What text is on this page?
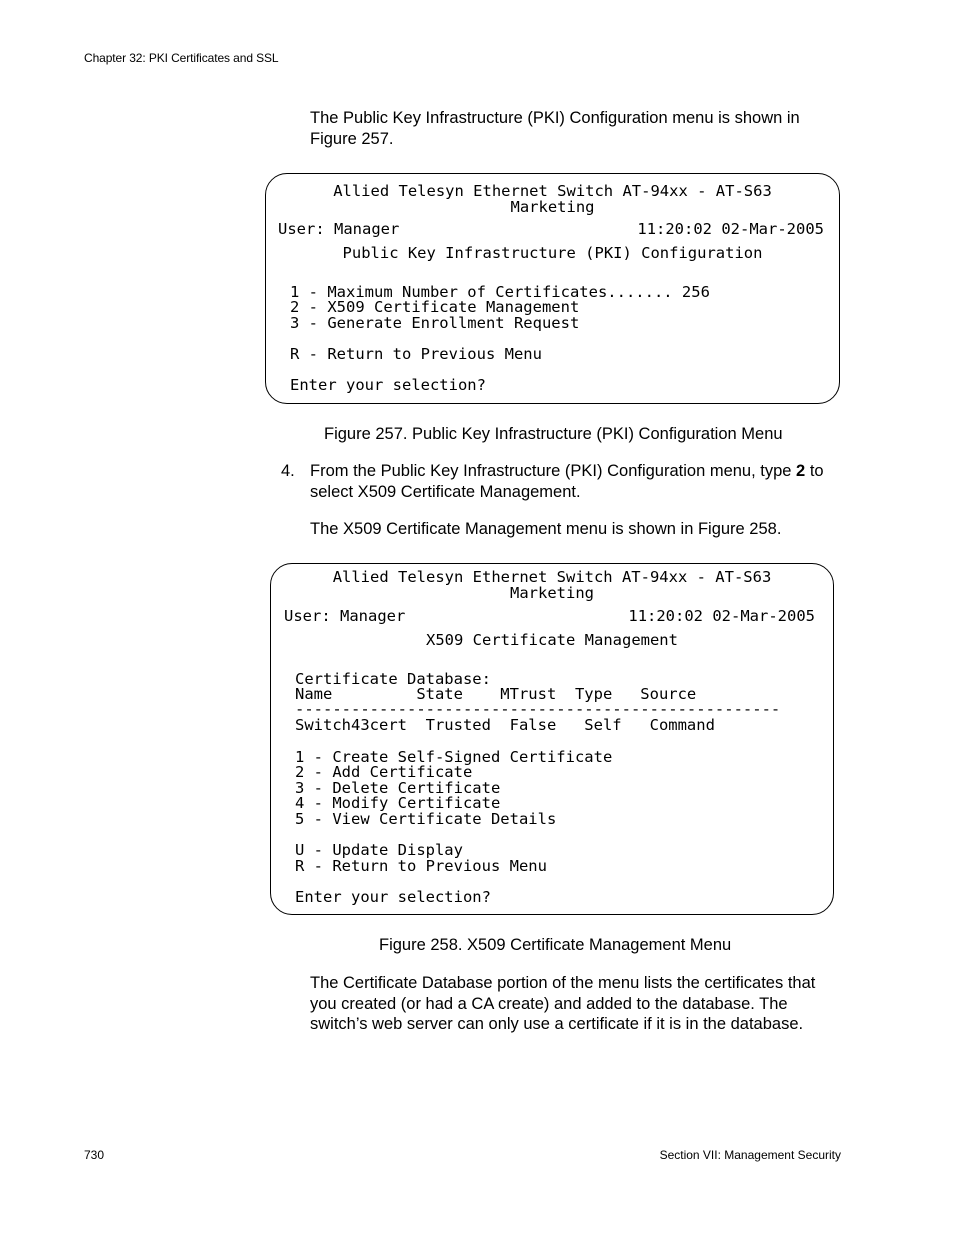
Chapter 32: PKI Certificates and SSL
The Public Key Infrastructure (PKI) Configuration menu is shown in Figure 257.
Allied Telesyn Ethernet Switch AT-94xx - AT-S63
Marketing
User: Manager	11:20:02 02-Mar-2005
Public Key Infrastructure (PKI) Configuration
1 - Maximum Number of Certificates....... 256
2 - X509 Certificate Management
3 - Generate Enrollment Request
R - Return to Previous Menu
Enter your selection?
Figure 257. Public Key Infrastructure (PKI) Configuration Menu
4. From the Public Key Infrastructure (PKI) Configuration menu, type 2 to select X509 Certificate Management.
The X509 Certificate Management menu is shown in Figure 258.
Allied Telesyn Ethernet Switch AT-94xx - AT-S63
Marketing
User: Manager	11:20:02 02-Mar-2005
X509 Certificate Management
Certificate Database:
Name         State    MTrust  Type   Source
----------------------------------------------------
Switch43cert  Trusted  False   Self   Command
1 - Create Self-Signed Certificate
2 - Add Certificate
3 - Delete Certificate
4 - Modify Certificate
5 - View Certificate Details
U - Update Display
R - Return to Previous Menu
Enter your selection?
Figure 258. X509 Certificate Management Menu
The Certificate Database portion of the menu lists the certificates that you created (or had a CA create) and added to the database. The switch’s web server can only use a certificate if it is in the database.
730	Section VII: Management Security
